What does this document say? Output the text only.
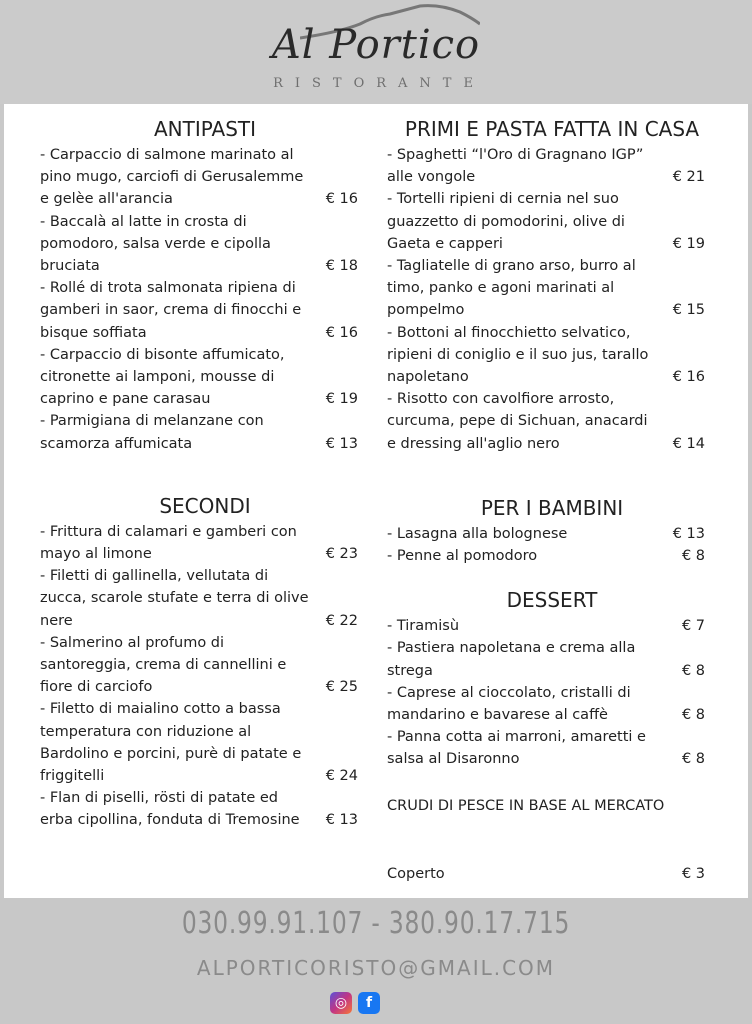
Al Portico
RISTORANTE
ANTIPASTI
- Carpaccio di salmone marinato al pino mugo, carciofi di Gerusalemme e gelèe all'arancia	€ 16
- Baccalà al latte in crosta di pomodoro, salsa verde e cipolla bruciata	€ 18
- Rollé di trota salmonata ripiena di gamberi in saor, crema di finocchi e bisque soffiata	€ 16
- Carpaccio di bisonte affumicato, citronette ai lamponi, mousse di caprino e pane carasau	€ 19
- Parmigiana di melanzane con scamorza affumicata	€ 13
SECONDI
- Frittura di calamari e gamberi con mayo al limone	€ 23
- Filetti di gallinella, vellutata di zucca, scarole stufate e terra di olive nere	€ 22
- Salmerino al profumo di santoreggia, crema di cannellini e fiore di carciofo	€ 25
- Filetto di maialino cotto a bassa temperatura con riduzione al Bardolino e porcini, purè di patate e friggitelli	€ 24
- Flan di piselli, rösti di patate ed erba cipollina, fonduta di Tremosine € 13
PRIMI E PASTA FATTA IN CASA
- Spaghetti “l'Oro di Gragnano IGP” alle vongole	€ 21
- Tortelli ripieni di cernia nel suo guazzetto di pomodorini, olive di Gaeta e capperi	€ 19
- Tagliatelle di grano arso, burro al timo, panko e agoni marinati al pompelmo	€ 15
- Bottoni al finocchietto selvatico, ripieni di coniglio e il suo jus, tarallo napoletano	€ 16
- Risotto con cavolfiore arrosto, curcuma, pepe di Sichuan, anacardi e dressing all'aglio nero	€ 14
PER I BAMBINI
- Lasagna alla bolognese	€ 13
- Penne al pomodoro	€ 8
DESSERT
- Tiramisù	€ 7
- Pastiera napoletana e crema alla strega	€ 8
- Caprese al cioccolato, cristalli di mandarino e bavarese al caffè	€ 8
- Panna cotta ai marroni, amaretti e salsa al Disaronno	€ 8
CRUDI DI PESCE IN BASE AL MERCATO
Coperto	€ 3
030.99.91.107 - 380.90.17.715
ALPORTICORISTO@GMAIL.COM
◎	f
